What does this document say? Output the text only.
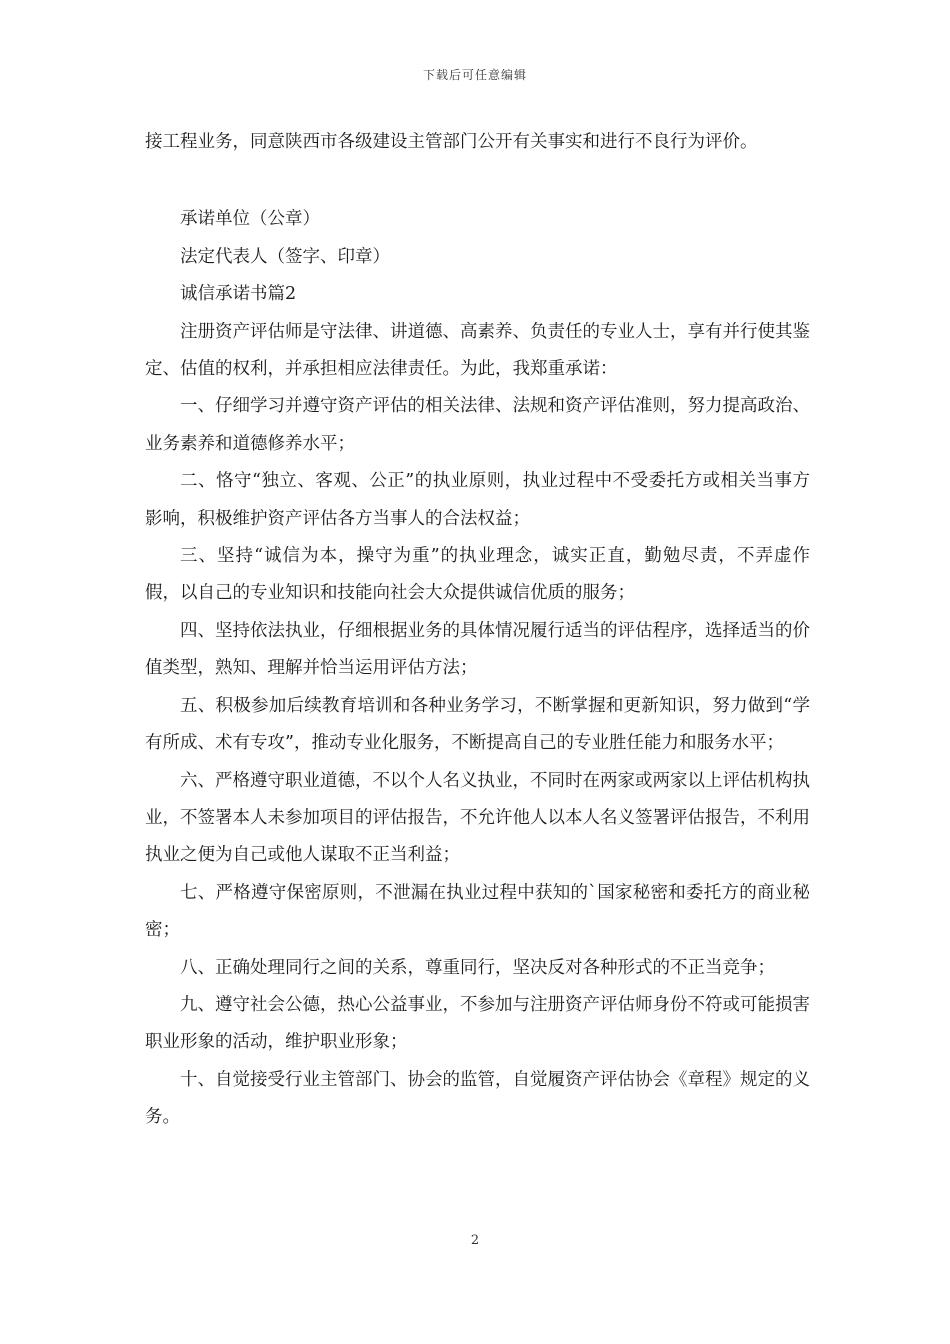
下载后可任意编辑

接工程业务，同意陕西市各级建设主管部门公开有关事实和进行不良行为评价。

承诺单位（公章）

法定代表人（签字、印章）

诚信承诺书篇2

注册资产评估师是守法律、讲道德、高素养、负责任的专业人士，享有并行使其鉴定、估值的权利，并承担相应法律责任。为此，我郑重承诺：

一、仔细学习并遵守资产评估的相关法律、法规和资产评估准则，努力提高政治、业务素养和道德修养水平；

二、恪守“独立、客观、公正”的执业原则，执业过程中不受委托方或相关当事方影响，积极维护资产评估各方当事人的合法权益；

三、坚持“诚信为本，操守为重”的执业理念，诚实正直，勤勉尽责，不弄虚作假，以自己的专业知识和技能向社会大众提供诚信优质的服务；

四、坚持依法执业，仔细根据业务的具体情况履行适当的评估程序，选择适当的价值类型，熟知、理解并恰当运用评估方法；

五、积极参加后续教育培训和各种业务学习，不断掌握和更新知识，努力做到“学有所成、术有专攻”，推动专业化服务，不断提高自己的专业胜任能力和服务水平；

六、严格遵守职业道德，不以个人名义执业，不同时在两家或两家以上评估机构执业，不签署本人未参加项目的评估报告，不允许他人以本人名义签署评估报告，不利用执业之便为自己或他人谋取不正当利益；

七、严格遵守保密原则，不泄漏在执业过程中获知的`国家秘密和委托方的商业秘密；

八、正确处理同行之间的关系，尊重同行，坚决反对各种形式的不正当竞争；

九、遵守社会公德，热心公益事业，不参加与注册资产评估师身份不符或可能损害职业形象的活动，维护职业形象；

十、自觉接受行业主管部门、协会的监管，自觉履资产评估协会《章程》规定的义务。

2
